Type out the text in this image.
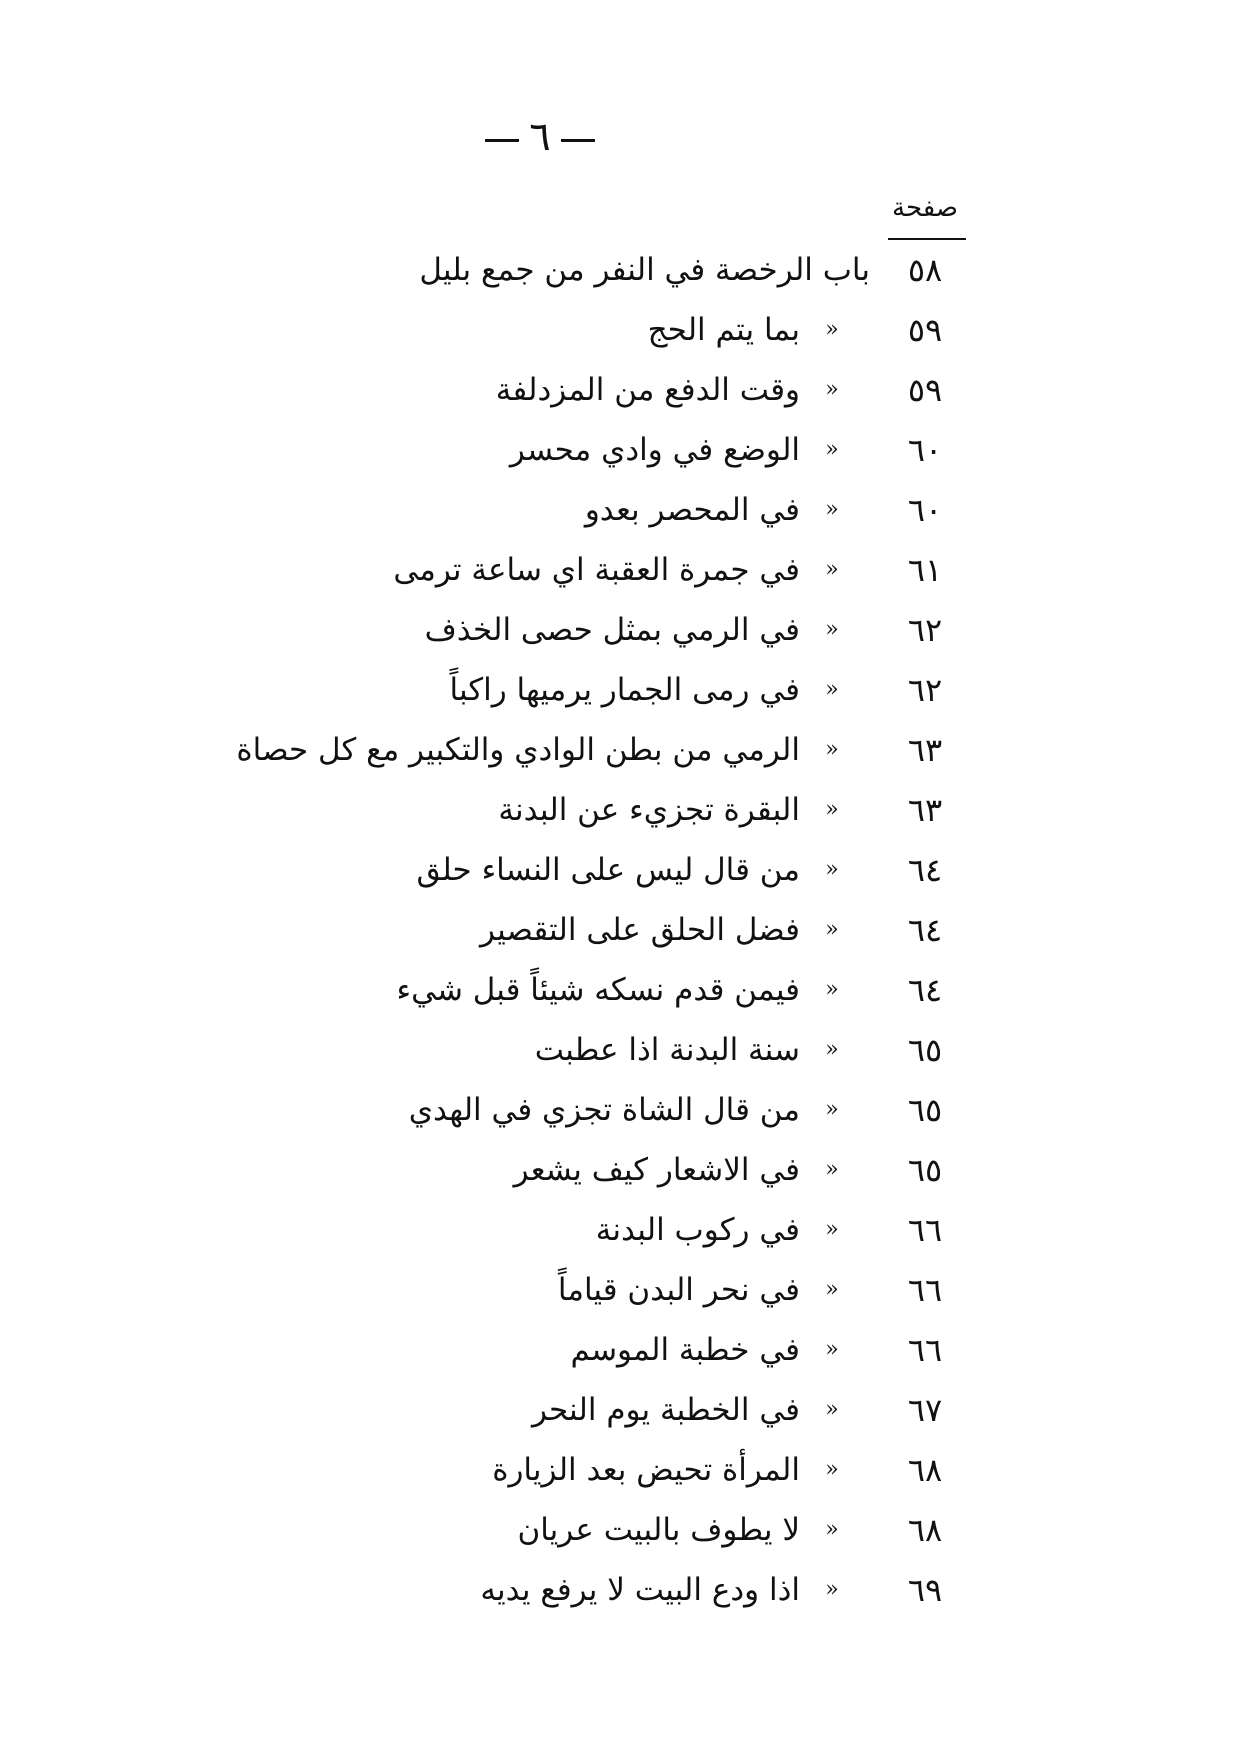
٦
صفحة
٥٨
باب الرخصة في النفر من جمع بليل
٥٩
»
بما يتم الحج
٥٩
»
وقت الدفع من المزدلفة
٦٠
»
الوضع في وادي محسر
٦٠
»
في المحصر بعدو
٦١
»
في جمرة العقبة اي ساعة ترمى
٦٢
»
في الرمي بمثل حصى الخذف
٦٢
»
في رمى الجمار يرميها راكباً
٦٣
»
الرمي من بطن الوادي والتكبير مع كل حصاة
٦٣
»
البقرة تجزيء عن البدنة
٦٤
»
من قال ليس على النساء حلق
٦٤
»
فضل الحلق على التقصير
٦٤
»
فيمن قدم نسكه شيئاً قبل شيء
٦٥
»
سنة البدنة اذا عطبت
٦٥
»
من قال الشاة تجزي في الهدي
٦٥
»
في الاشعار كيف يشعر
٦٦
»
في ركوب البدنة
٦٦
»
في نحر البدن قياماً
٦٦
»
في خطبة الموسم
٦٧
»
في الخطبة يوم النحر
٦٨
»
المرأة تحيض بعد الزيارة
٦٨
»
لا يطوف بالبيت عريان
٦٩
»
اذا ودع البيت لا يرفع يديه
